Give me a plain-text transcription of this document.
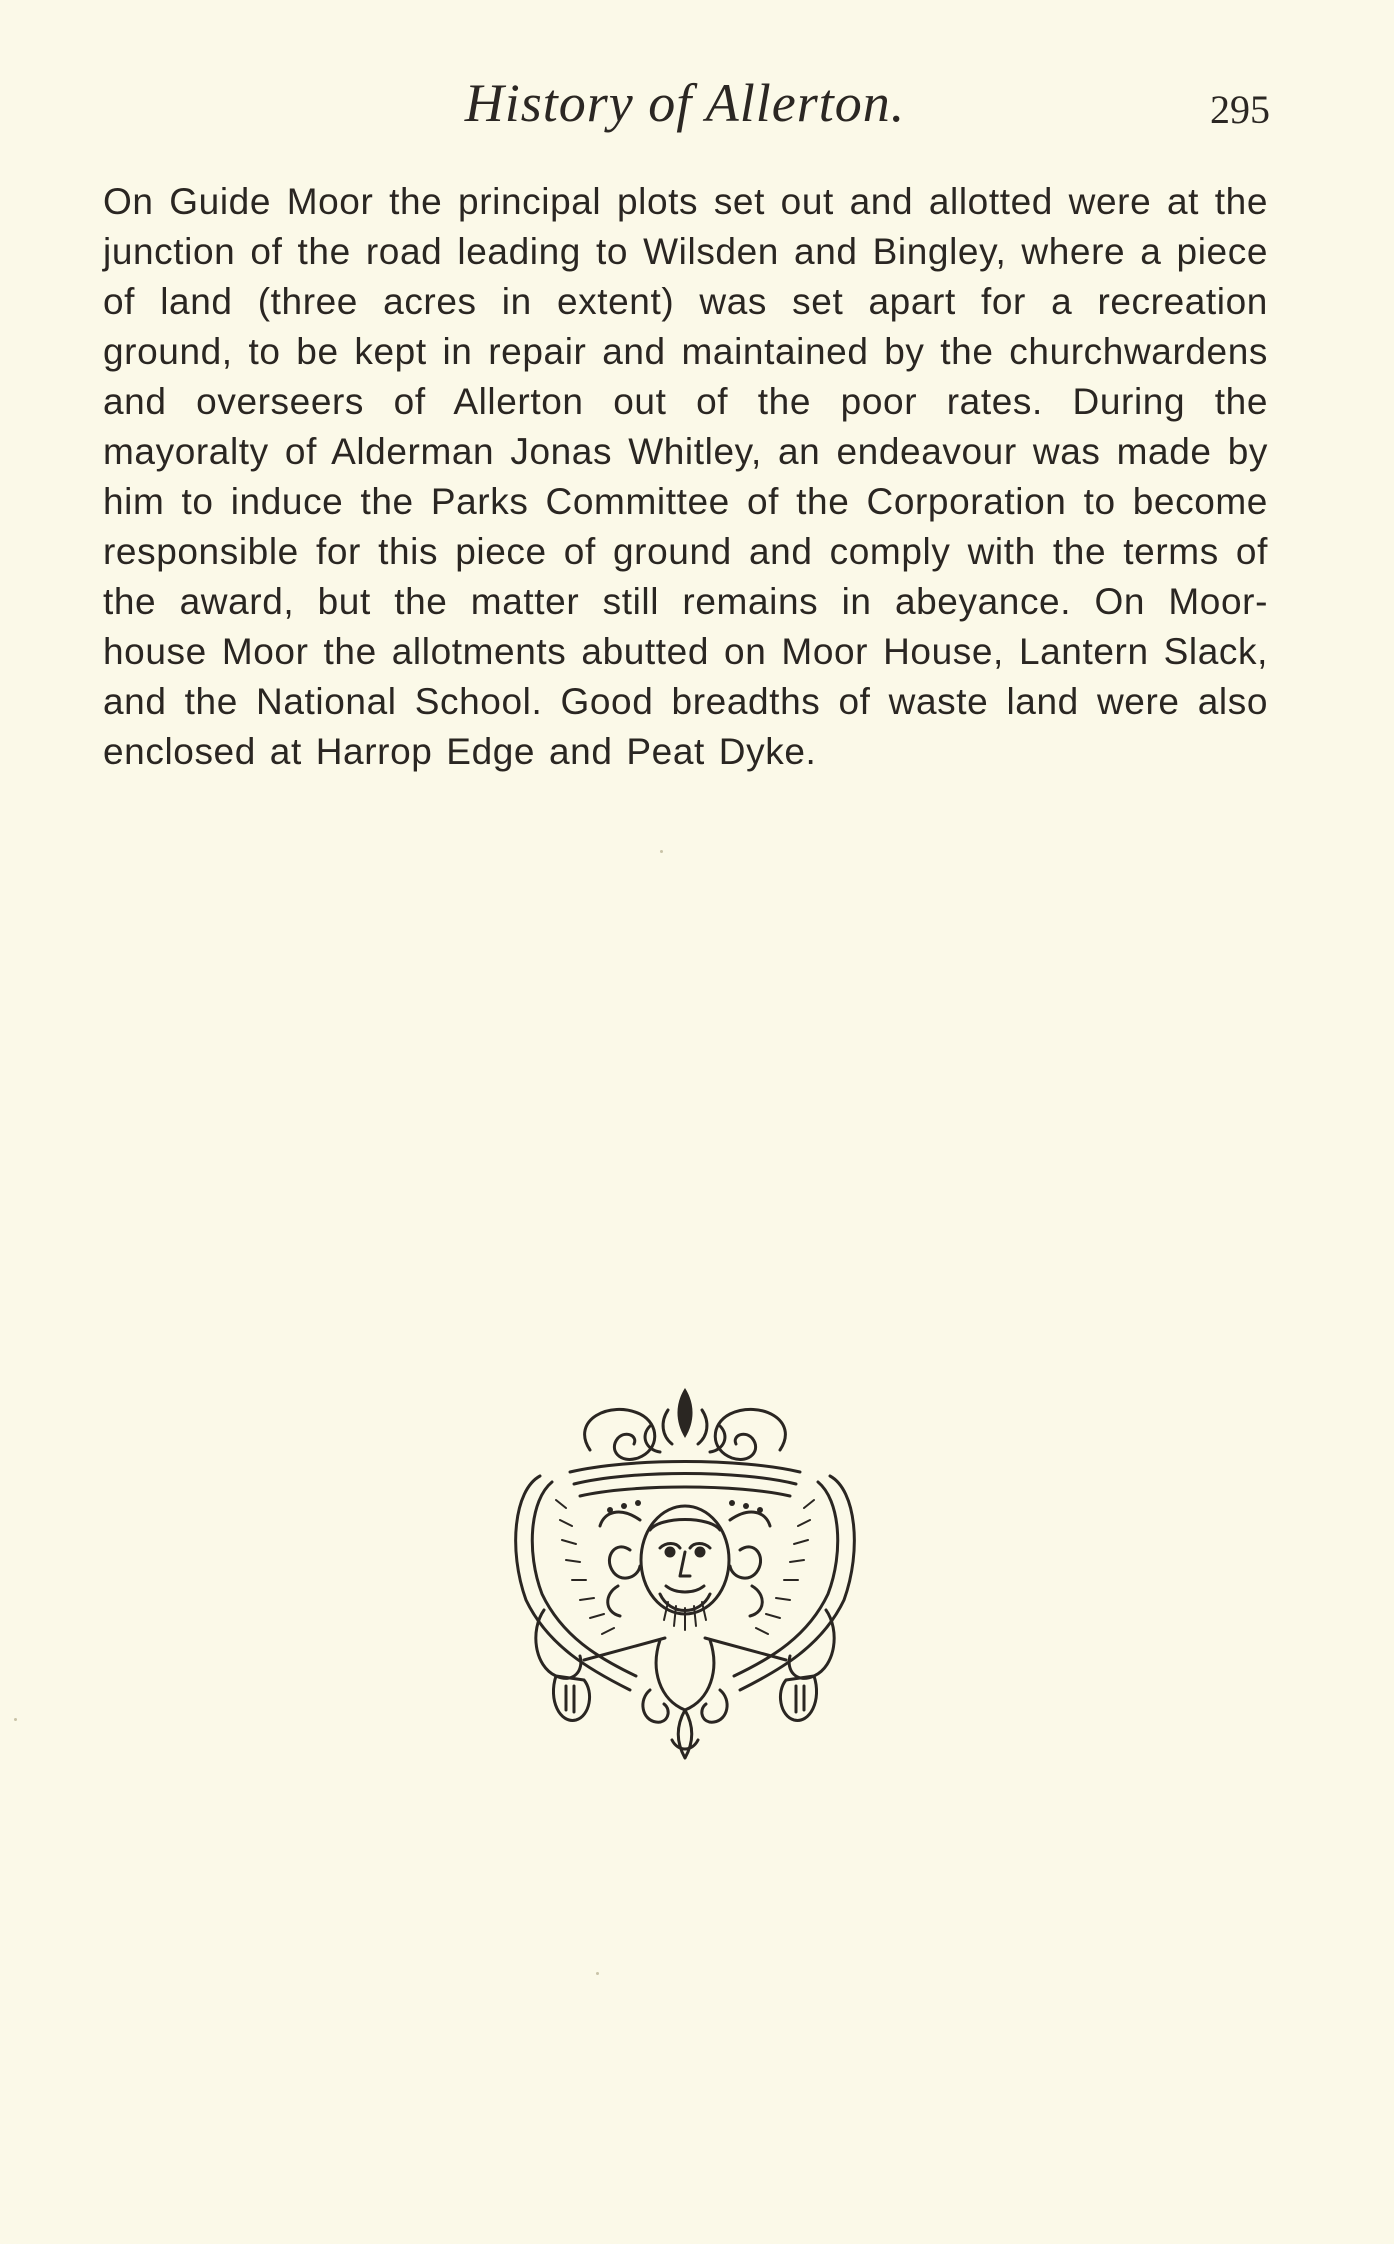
History of Allerton.	295

On Guide Moor the principal plots set out and allotted were at the junction of the road leading to Wilsden and Bingley, where a piece of land (three acres in extent) was set apart for a recreation ground, to be kept in repair and maintained by the churchwardens and overseers of Allerton out of the poor rates. During the mayoralty of Alderman Jonas Whitley, an endeavour was made by him to induce the Parks Committee of the Corporation to become responsible for this piece of ground and comply with the terms of the award, but the matter still remains in abeyance. On Moor-house Moor the allotments abutted on Moor House, Lantern Slack, and the National School. Good breadths of waste land were also enclosed at Harrop Edge and Peat Dyke.
